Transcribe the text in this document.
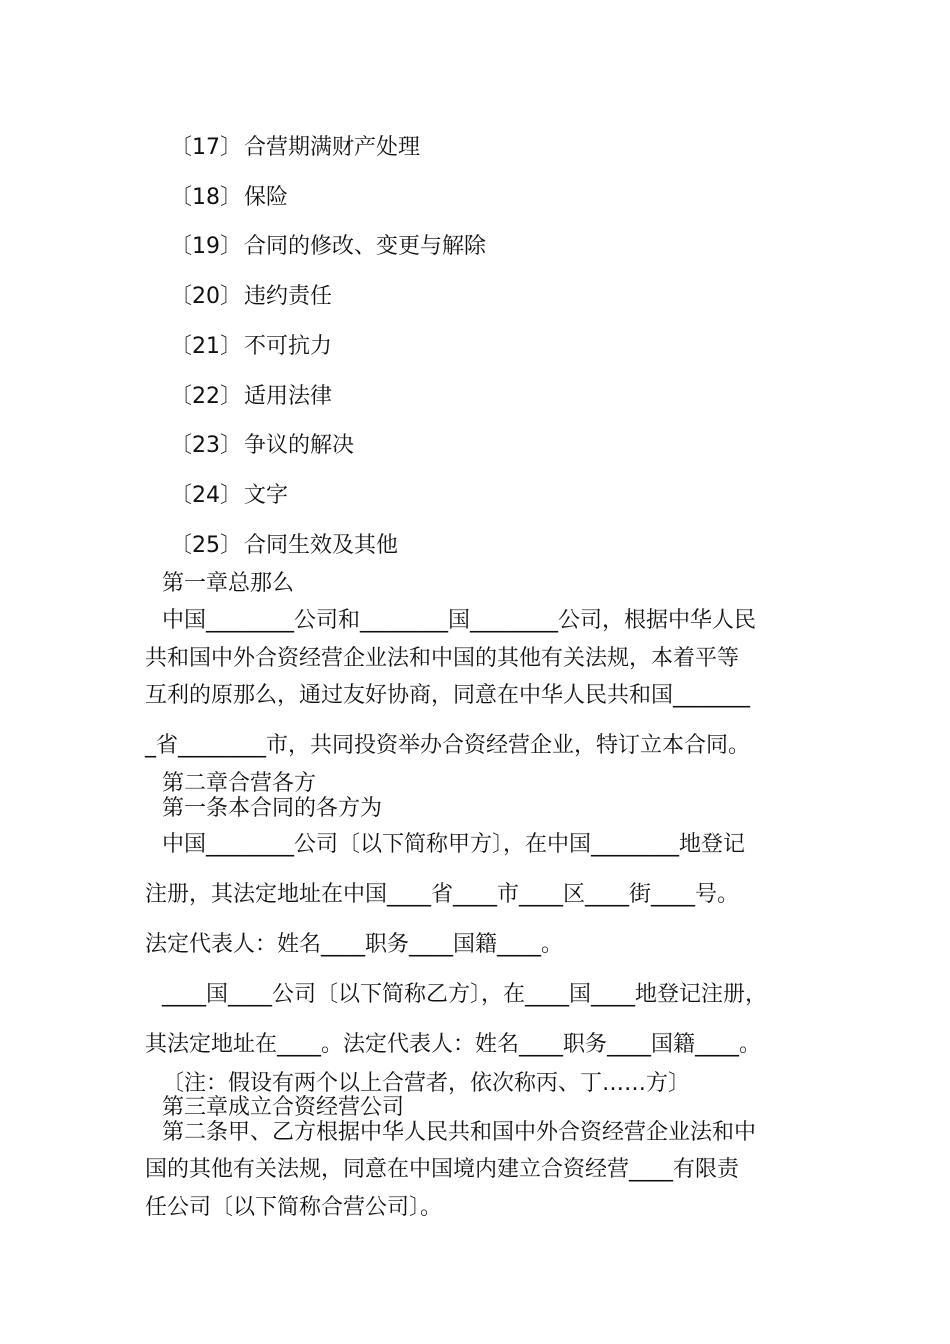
〔17〕合营期满财产处理

〔18〕保险

〔19〕合同的修改、变更与解除

〔20〕违约责任

〔21〕不可抗力

〔22〕适用法律

〔23〕争议的解决

〔24〕文字

〔25〕合同生效及其他

第一章总那么

中国________公司和________国________公司，根据中华人民

共和国中外合资经营企业法和中国的其他有关法规，本着平等

互利的原那么，通过友好协商，同意在中华人民共和国_______

_省________市，共同投资举办合资经营企业，特订立本合同。

第二章合营各方

第一条本合同的各方为

中国________公司〔以下简称甲方〕，在中国________地登记

注册，其法定地址在中国____省____市____区____街____号。

法定代表人：姓名____职务____国籍____。

____国____公司〔以下简称乙方〕，在____国____地登记注册，

其法定地址在____。法定代表人：姓名____职务____国籍____。

〔注：假设有两个以上合营者，依次称丙、丁……方〕

第三章成立合资经营公司

第二条甲、乙方根据中华人民共和国中外合资经营企业法和中

国的其他有关法规，同意在中国境内建立合资经营____有限责

任公司〔以下简称合营公司〕。
